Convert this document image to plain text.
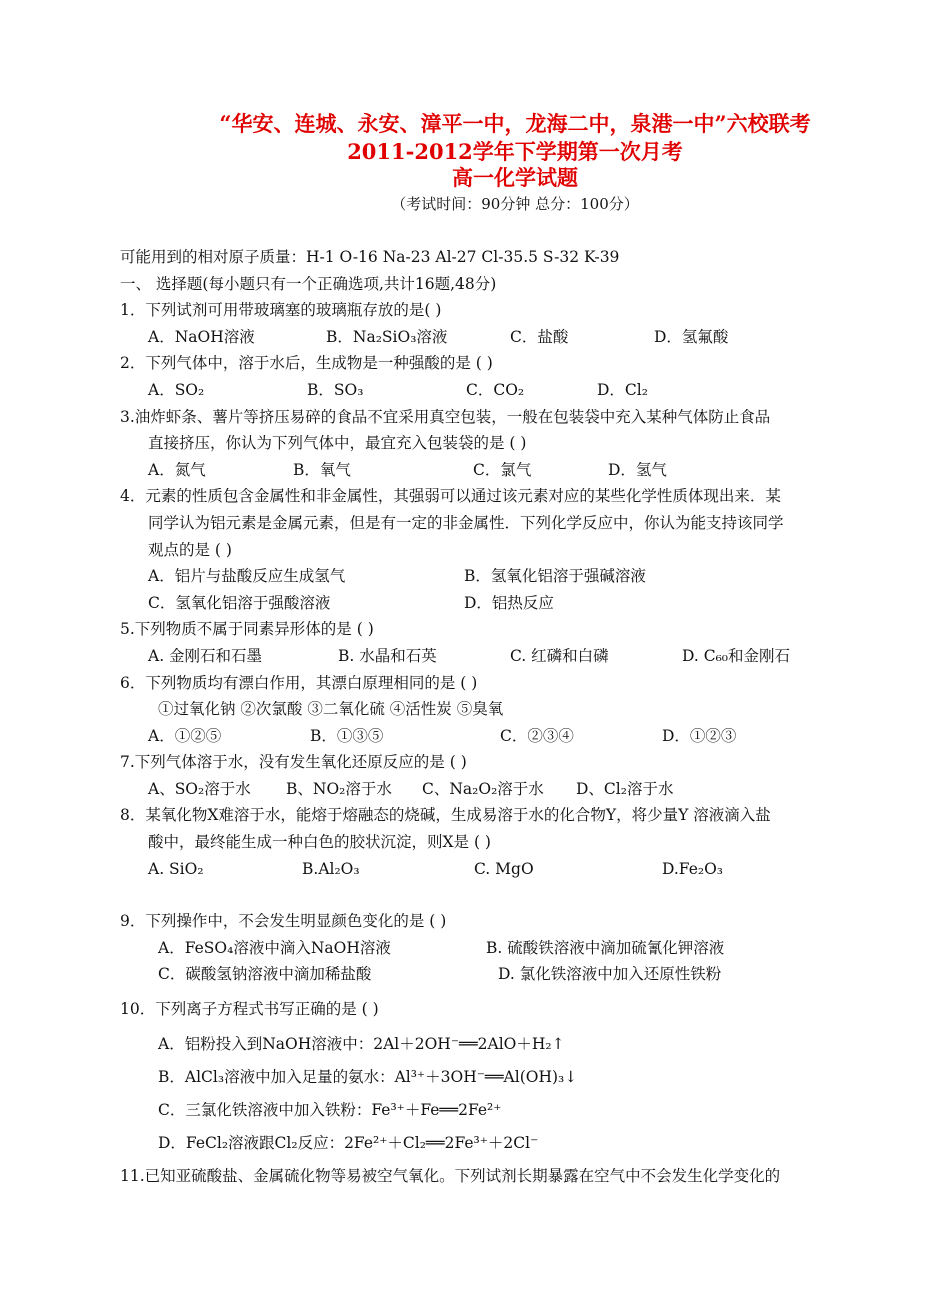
“华安、连城、永安、漳平一中，龙海二中，泉港一中”六校联考
2011-2012学年下学期第一次月考
高一化学试题
（考试时间：90分钟 总分：100分）
可能用到的相对原子质量：H-1 O-16 Na-23 Al-27 Cl-35.5 S-32 K-39
一、 选择题(每小题只有一个正确选项,共计16题,48分)
1． 下列试剂可用带玻璃塞的玻璃瓶存放的是( )
A．NaOH溶液	B．Na₂SiO₃溶液	C．盐酸	D．氢氟酸
2． 下列气体中，溶于水后，生成物是一种强酸的是 ( )
A．SO₂	B．SO₃	C．CO₂	D．Cl₂
3. 油炸虾条、薯片等挤压易碎的食品不宜采用真空包装，一般在包装袋中充入某种气体防止食品
直接挤压，你认为下列气体中，最宜充入包装袋的是 ( )
A．氮气	B．氧气	C．氯气	D．氢气
4． 元素的性质包含金属性和非金属性，其强弱可以通过该元素对应的某些化学性质体现出来．某
同学认为铝元素是金属元素，但是有一定的非金属性．下列化学反应中，你认为能支持该同学
观点的是 ( )
A．铝片与盐酸反应生成氢气	B．氢氧化铝溶于强碱溶液
C．氢氧化铝溶于强酸溶液	D．铝热反应
5. 下列物质不属于同素异形体的是 ( )
A. 金刚石和石墨	B. 水晶和石英	C. 红磷和白磷	D. C₆₀和金刚石
6． 下列物质均有漂白作用，其漂白原理相同的是 ( )
①过氧化钠 ②次氯酸 ③二氧化硫 ④活性炭 ⑤臭氧
A．①②⑤	B．①③⑤	C．②③④	D．①②③
7. 下列气体溶于水，没有发生氧化还原反应的是 ( )
A、SO₂溶于水	B、NO₂溶于水	C、Na₂O₂溶于水	D、Cl₂溶于水
8． 某氧化物X难溶于水，能熔于熔融态的烧碱，生成易溶于水的化合物Y，将少量Y 溶液滴入盐
酸中，最终能生成一种白色的胶状沉淀，则X是 ( )
A. SiO₂	B.Al₂O₃	C. MgO	D.Fe₂O₃
9． 下列操作中，不会发生明显颜色变化的是 ( )
A．FeSO₄溶液中滴入NaOH溶液	B. 硫酸铁溶液中滴加硫氰化钾溶液
C．碳酸氢钠溶液中滴加稀盐酸	D. 氯化铁溶液中加入还原性铁粉
10． 下列离子方程式书写正确的是 ( )
A．铝粉投入到NaOH溶液中：2Al＋2OH⁻══2AlO＋H₂↑
B．AlCl₃溶液中加入足量的氨水：Al³⁺＋3OH⁻══Al(OH)₃↓
C．三氯化铁溶液中加入铁粉：Fe³⁺＋Fe══2Fe²⁺
D．FeCl₂溶液跟Cl₂反应：2Fe²⁺＋Cl₂══2Fe³⁺＋2Cl⁻
11. 已知亚硫酸盐、金属硫化物等易被空气氧化。下列试剂长期暴露在空气中不会发生化学变化的
